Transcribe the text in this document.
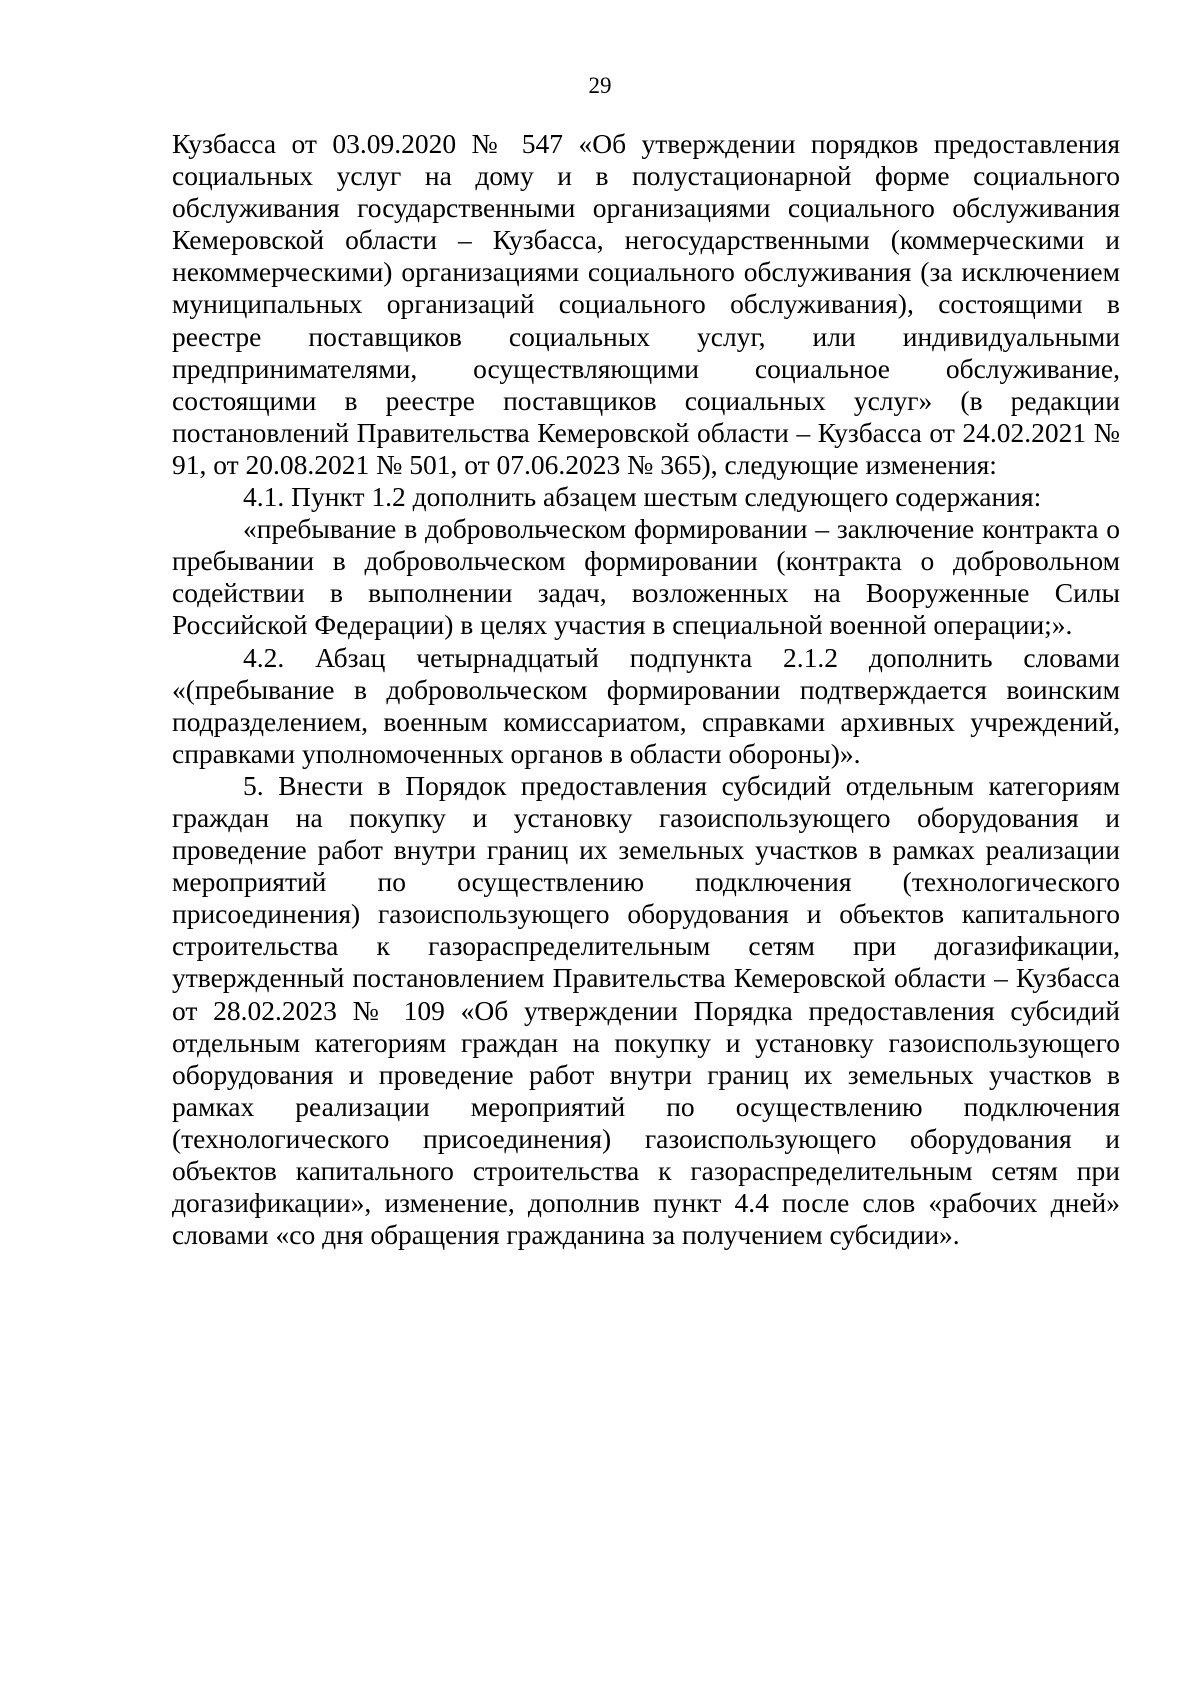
29

Кузбасса от 03.09.2020 № 547 «Об утверждении порядков предоставления социальных услуг на дому и в полустационарной форме социального обслуживания государственными организациями социального обслуживания Кемеровской области – Кузбасса, негосударственными (коммерческими и некоммерческими) организациями социального обслуживания (за исключением муниципальных организаций социального обслуживания), состоящими в реестре поставщиков социальных услуг, или индивидуальными предпринимателями, осуществляющими социальное обслуживание, состоящими в реестре поставщиков социальных услуг» (в редакции постановлений Правительства Кемеровской области – Кузбасса от 24.02.2021 № 91, от 20.08.2021 № 501, от 07.06.2023 № 365), следующие изменения:

4.1. Пункт 1.2 дополнить абзацем шестым следующего содержания:

«пребывание в добровольческом формировании – заключение контракта о пребывании в добровольческом формировании (контракта о добровольном содействии в выполнении задач, возложенных на Вооруженные Силы Российской Федерации) в целях участия в специальной военной операции;».

4.2. Абзац четырнадцатый подпункта 2.1.2 дополнить словами «(пребывание в добровольческом формировании подтверждается воинским подразделением, военным комиссариатом, справками архивных учреждений, справками уполномоченных органов в области обороны)».

5. Внести в Порядок предоставления субсидий отдельным категориям граждан на покупку и установку газоиспользующего оборудования и проведение работ внутри границ их земельных участков в рамках реализации мероприятий по осуществлению подключения (технологического присоединения) газоиспользующего оборудования и объектов капитального строительства к газораспределительным сетям при догазификации, утвержденный постановлением Правительства Кемеровской области – Кузбасса от 28.02.2023 № 109 «Об утверждении Порядка предоставления субсидий отдельным категориям граждан на покупку и установку газоиспользующего оборудования и проведение работ внутри границ их земельных участков в рамках реализации мероприятий по осуществлению подключения (технологического присоединения) газоиспользующего оборудования и объектов капитального строительства к газораспределительным сетям при догазификации», изменение, дополнив пункт 4.4 после слов «рабочих дней» словами «со дня обращения гражданина за получением субсидии».
